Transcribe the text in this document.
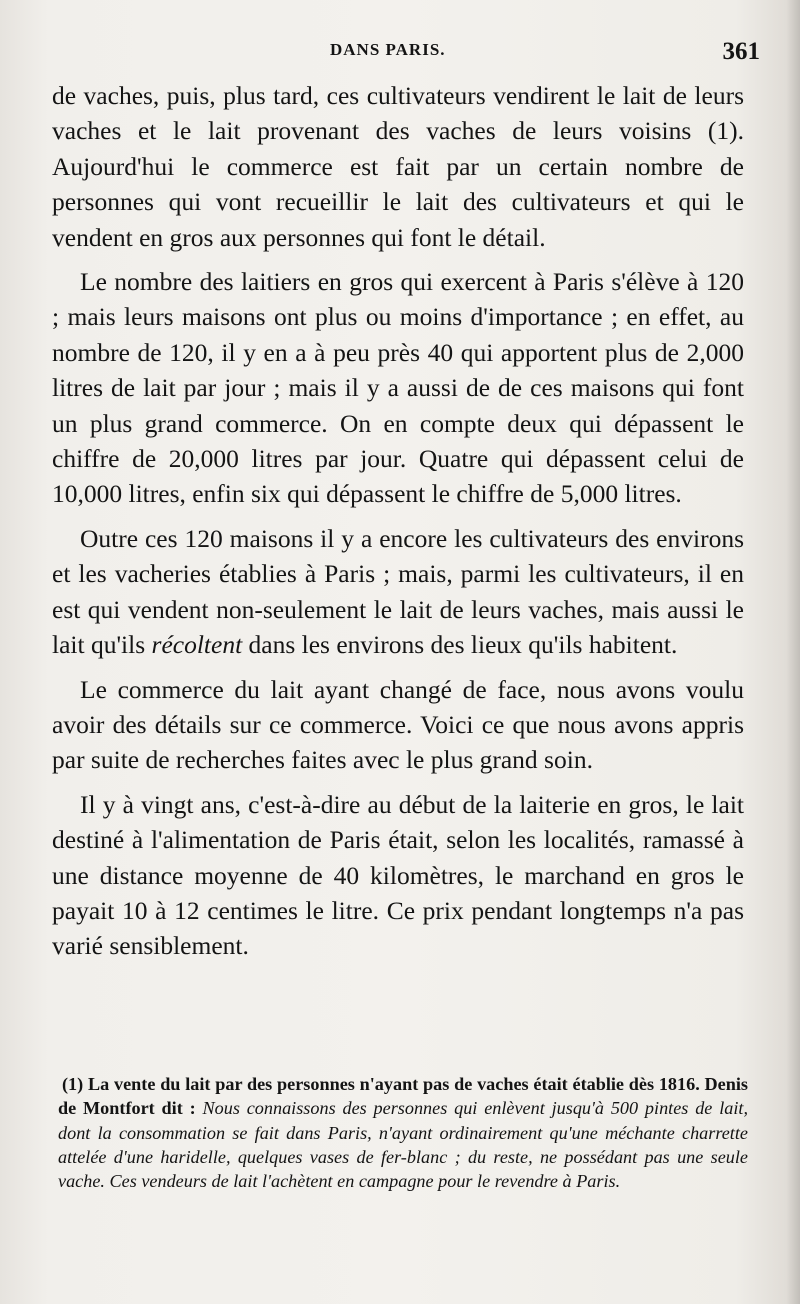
DANS PARIS.	361

de vaches, puis, plus tard, ces cultivateurs vendirent le lait de leurs vaches et le lait provenant des vaches de leurs voisins (1). Aujourd'hui le commerce est fait par un certain nombre de personnes qui vont recueillir le lait des cultivateurs et qui le vendent en gros aux personnes qui font le détail.

Le nombre des laitiers en gros qui exercent à Paris s'élève à 120 ; mais leurs maisons ont plus ou moins d'importance ; en effet, au nombre de 120, il y en a à peu près 40 qui apportent plus de 2,000 litres de lait par jour ; mais il y a aussi de de ces maisons qui font un plus grand commerce. On en compte deux qui dépassent le chiffre de 20,000 litres par jour. Quatre qui dépassent celui de 10,000 litres, enfin six qui dépassent le chiffre de 5,000 litres.

Outre ces 120 maisons il y a encore les cultivateurs des environs et les vacheries établies à Paris ; mais, parmi les cultivateurs, il en est qui vendent non-seulement le lait de leurs vaches, mais aussi le lait qu'ils récoltent dans les environs des lieux qu'ils habitent.

Le commerce du lait ayant changé de face, nous avons voulu avoir des détails sur ce commerce. Voici ce que nous avons appris par suite de recherches faites avec le plus grand soin.

Il y à vingt ans, c'est-à-dire au début de la laiterie en gros, le lait destiné à l'alimentation de Paris était, selon les localités, ramassé à une distance moyenne de 40 kilomètres, le marchand en gros le payait 10 à 12 centimes le litre. Ce prix pendant longtemps n'a pas varié sensiblement.

(1) La vente du lait par des personnes n'ayant pas de vaches était établie dès 1816. Denis de Montfort dit : Nous connaissons des personnes qui enlèvent jusqu'à 500 pintes de lait, dont la consommation se fait dans Paris, n'ayant ordinairement qu'une méchante charrette attelée d'une haridelle, quelques vases de fer-blanc ; du reste, ne possédant pas une seule vache. Ces vendeurs de lait l'achètent en campagne pour le revendre à Paris.
